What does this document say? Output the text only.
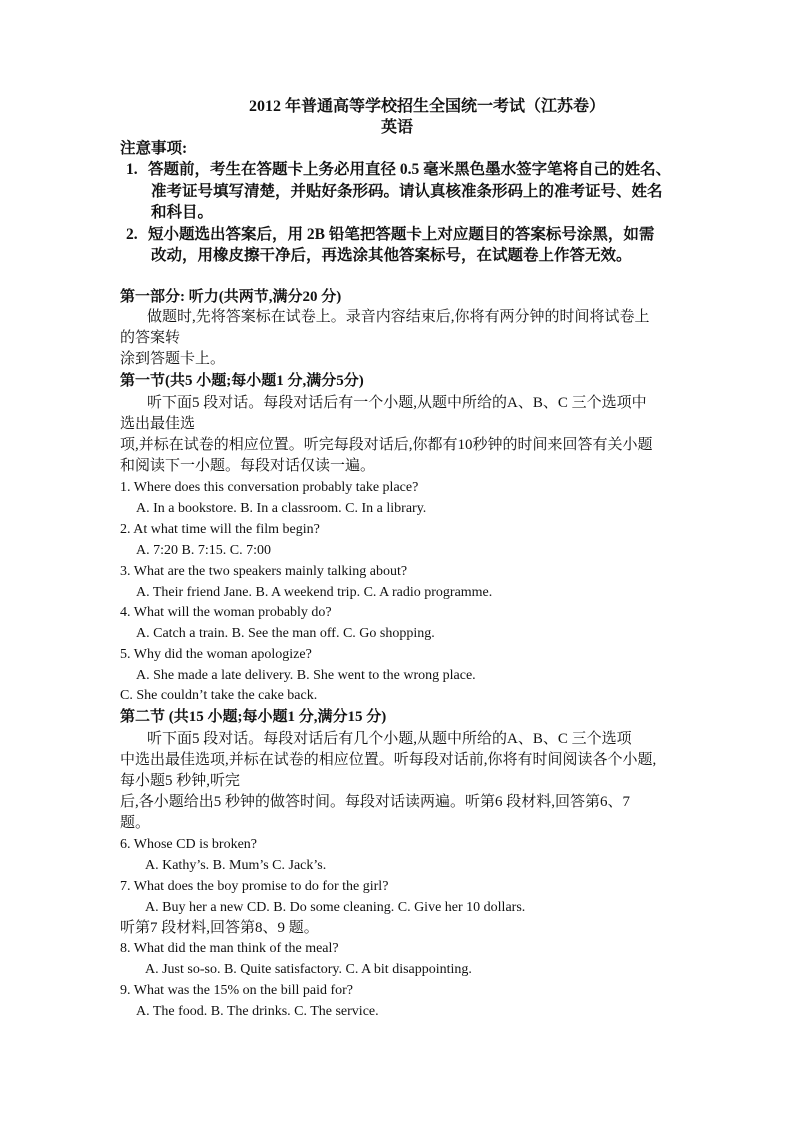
2012 年普通高等学校招生全国统一考试（江苏卷）
英语
注意事项:
1. 答题前，考生在答题卡上务必用直径 0.5 毫米黑色墨水签字笔将自己的姓名、
准考证号填写清楚，并贴好条形码。请认真核准条形码上的准考证号、姓名
和科目。
2. 短小题选出答案后，用 2B 铅笔把答题卡上对应题目的答案标号涂黑，如需
改动，用橡皮擦干净后，再选涂其他答案标号，在试题卷上作答无效。
第一部分: 听力(共两节,满分20 分)
做题时,先将答案标在试卷上。录音内容结束后,你将有两分钟的时间将试卷上
的答案转
涂到答题卡上。
第一节(共5 小题;每小题1 分,满分5分)
听下面5 段对话。每段对话后有一个小题,从题中所给的A、B、C 三个选项中
选出最佳选
项,并标在试卷的相应位置。听完每段对话后,你都有10秒钟的时间来回答有关小题
和阅读下一小题。每段对话仅读一遍。
1. Where does this conversation probably take place?
A. In a bookstore. B. In a classroom. C. In a library.
2. At what time will the film begin?
A. 7:20 B. 7:15. C. 7:00
3. What are the two speakers mainly talking about?
A. Their friend Jane. B. A weekend trip. C. A radio programme.
4. What will the woman probably do?
A. Catch a train. B. See the man off. C. Go shopping.
5. Why did the woman apologize?
A. She made a late delivery. B. She went to the wrong place.
C. She couldn’t take the cake back.
第二节 (共15 小题;每小题1 分,满分15 分)
听下面5 段对话。每段对话后有几个小题,从题中所给的A、B、C 三个选项
中选出最佳选项,并标在试卷的相应位置。听每段对话前,你将有时间阅读各个小题,
每小题5 秒钟,听完
后,各小题给出5 秒钟的做答时间。每段对话读两遍。听第6 段材料,回答第6、7
题。
6. Whose CD is broken?
A. Kathy’s. B. Mum’s C. Jack’s.
7. What does the boy promise to do for the girl?
A. Buy her a new CD. B. Do some cleaning. C. Give her 10 dollars.
听第7 段材料,回答第8、9 题。
8. What did the man think of the meal?
A. Just so-so. B. Quite satisfactory. C. A bit disappointing.
9. What was the 15% on the bill paid for?
A. The food. B. The drinks. C. The service.
